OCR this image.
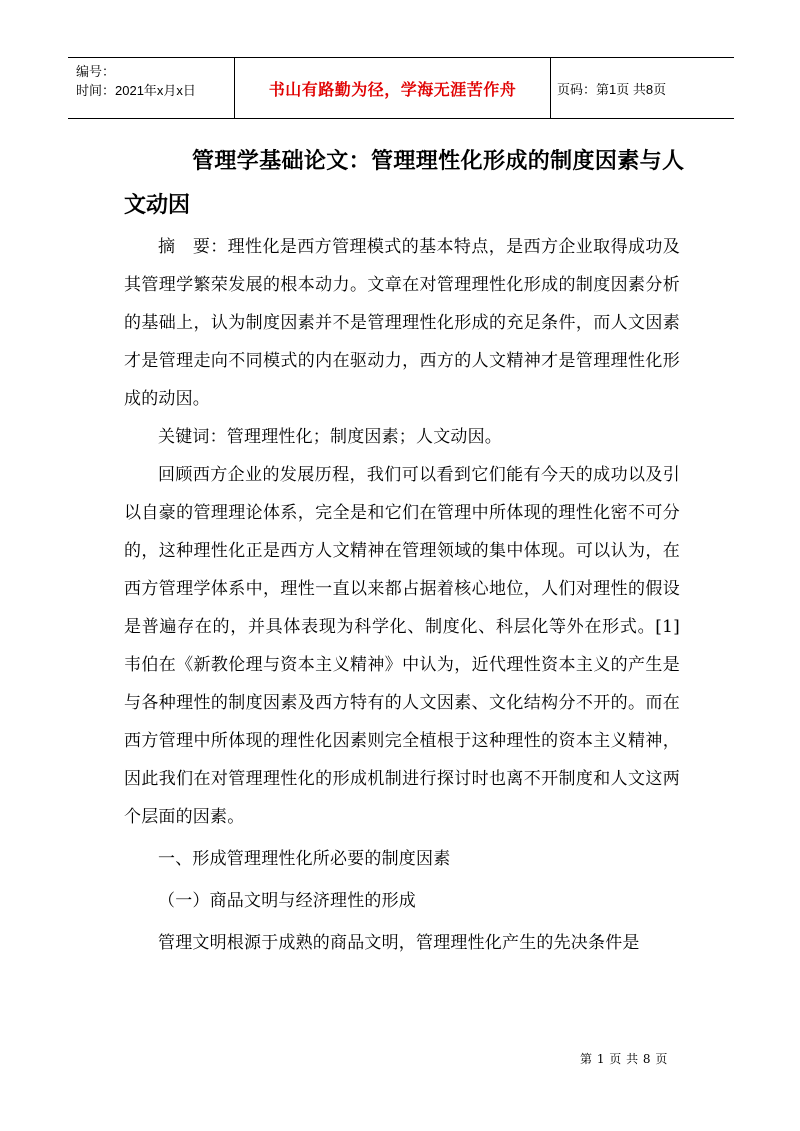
编号：
时间：2021年x月x日	书山有路勤为径，学海无涯苦作舟	页码：第1页 共8页
管理学基础论文：管理理性化形成的制度因素与人文动因

摘　要：理性化是西方管理模式的基本特点，是西方企业取得成功及其管理学繁荣发展的根本动力。文章在对管理理性化形成的制度因素分析的基础上，认为制度因素并不是管理理性化形成的充足条件，而人文因素才是管理走向不同模式的内在驱动力，西方的人文精神才是管理理性化形成的动因。

关键词：管理理性化；制度因素；人文动因。

回顾西方企业的发展历程，我们可以看到它们能有今天的成功以及引以自豪的管理理论体系，完全是和它们在管理中所体现的理性化密不可分的，这种理性化正是西方人文精神在管理领域的集中体现。可以认为，在西方管理学体系中，理性一直以来都占据着核心地位，人们对理性的假设是普遍存在的，并具体表现为科学化、制度化、科层化等外在形式。[1]韦伯在《新教伦理与资本主义精神》中认为，近代理性资本主义的产生是与各种理性的制度因素及西方特有的人文因素、文化结构分不开的。而在西方管理中所体现的理性化因素则完全植根于这种理性的资本主义精神，因此我们在对管理理性化的形成机制进行探讨时也离不开制度和人文这两个层面的因素。

一、形成管理理性化所必要的制度因素

（一）商品文明与经济理性的形成

管理文明根源于成熟的商品文明，管理理性化产生的先决条件是

第 1 页 共 8 页
